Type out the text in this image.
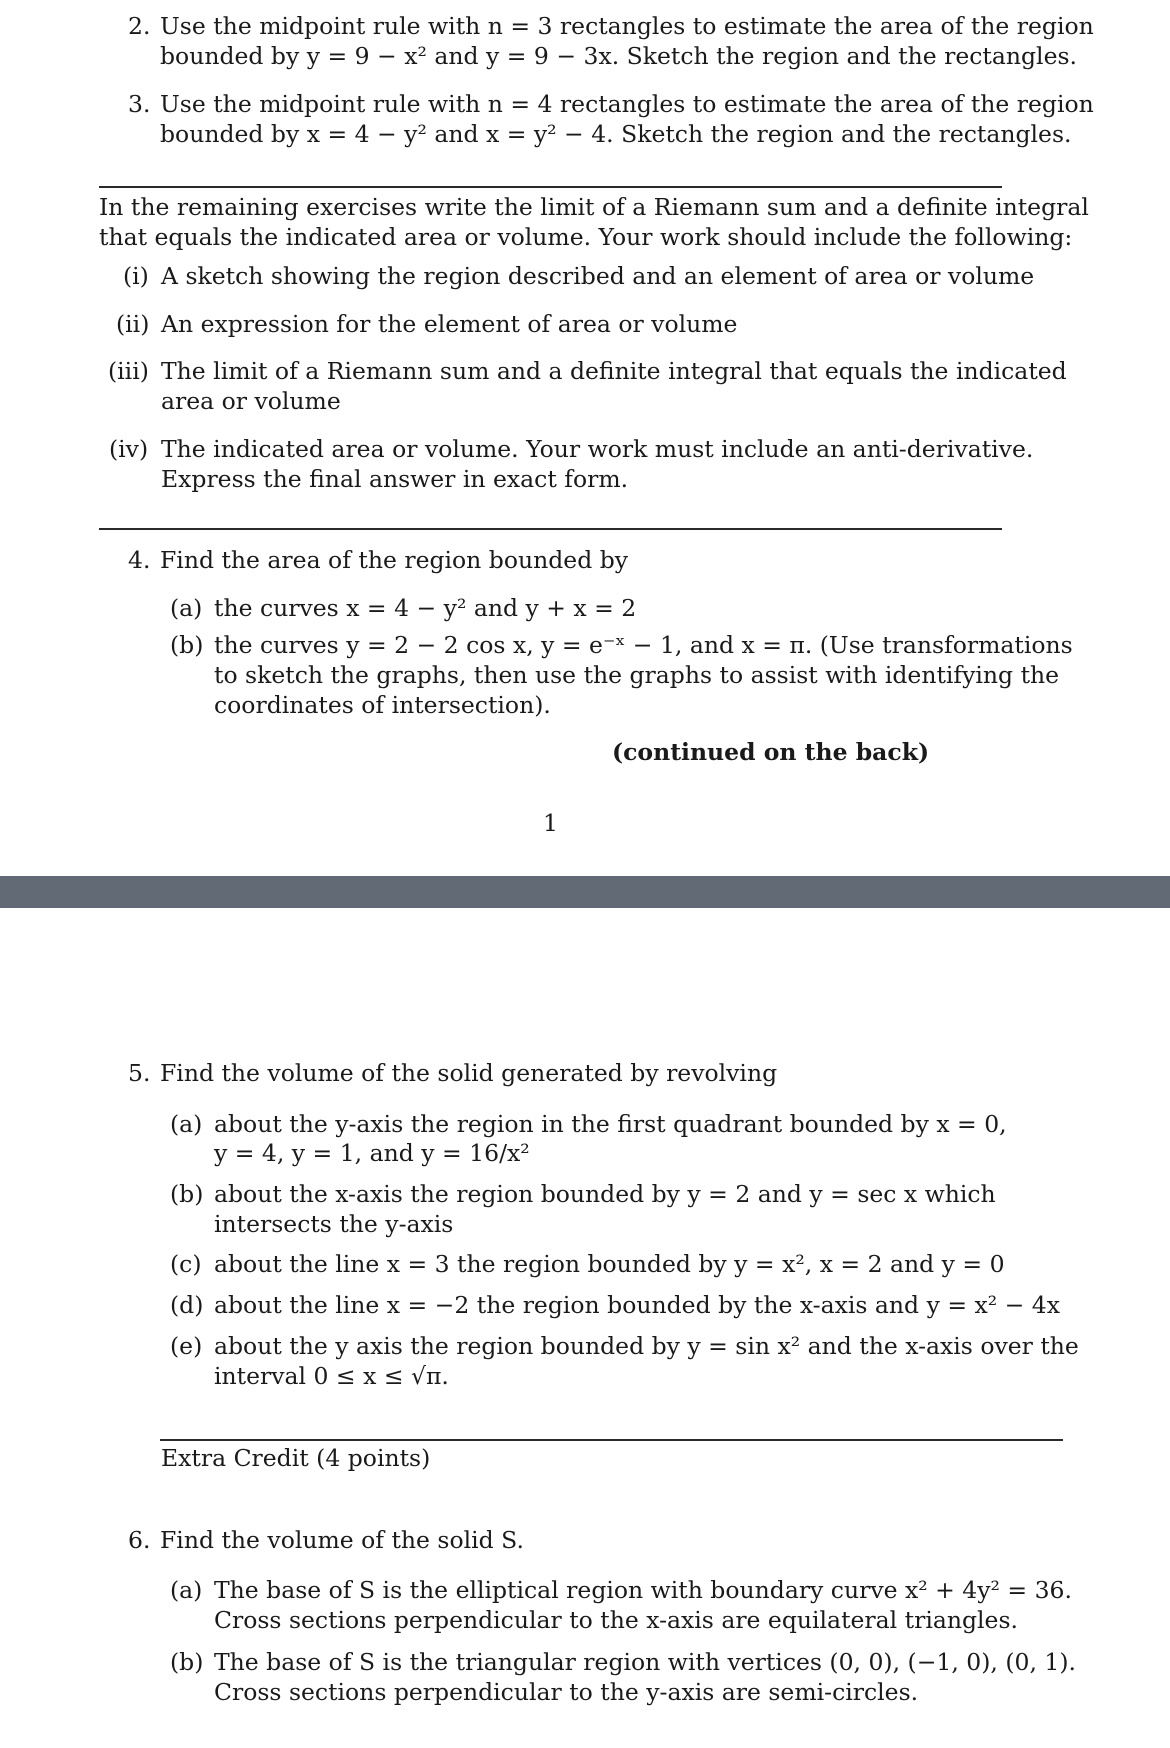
2. Use the midpoint rule with n = 3 rectangles to estimate the area of the region
bounded by y = 9 − x² and y = 9 − 3x. Sketch the region and the rectangles.
3. Use the midpoint rule with n = 4 rectangles to estimate the area of the region
bounded by x = 4 − y² and x = y² − 4. Sketch the region and the rectangles.
In the remaining exercises write the limit of a Riemann sum and a definite integral
that equals the indicated area or volume. Your work should include the following:
(i) A sketch showing the region described and an element of area or volume
(ii) An expression for the element of area or volume
(iii) The limit of a Riemann sum and a definite integral that equals the indicated
area or volume
(iv) The indicated area or volume. Your work must include an anti-derivative.
Express the final answer in exact form.
4. Find the area of the region bounded by
(a) the curves x = 4 − y² and y + x = 2
(b) the curves y = 2 − 2 cos x, y = e⁻ˣ − 1, and x = π. (Use transformations
to sketch the graphs, then use the graphs to assist with identifying the
coordinates of intersection).
(continued on the back)
1
5. Find the volume of the solid generated by revolving
(a) about the y-axis the region in the first quadrant bounded by x = 0,
y = 4, y = 1, and y = 16/x²
(b) about the x-axis the region bounded by y = 2 and y = sec x which
intersects the y-axis
(c) about the line x = 3 the region bounded by y = x², x = 2 and y = 0
(d) about the line x = −2 the region bounded by the x-axis and y = x² − 4x
(e) about the y axis the region bounded by y = sin x² and the x-axis over the
interval 0 ≤ x ≤ √π.
Extra Credit (4 points)
6. Find the volume of the solid S.
(a) The base of S is the elliptical region with boundary curve x² + 4y² = 36.
Cross sections perpendicular to the x-axis are equilateral triangles.
(b) The base of S is the triangular region with vertices (0, 0), (−1, 0), (0, 1).
Cross sections perpendicular to the y-axis are semi-circles.
